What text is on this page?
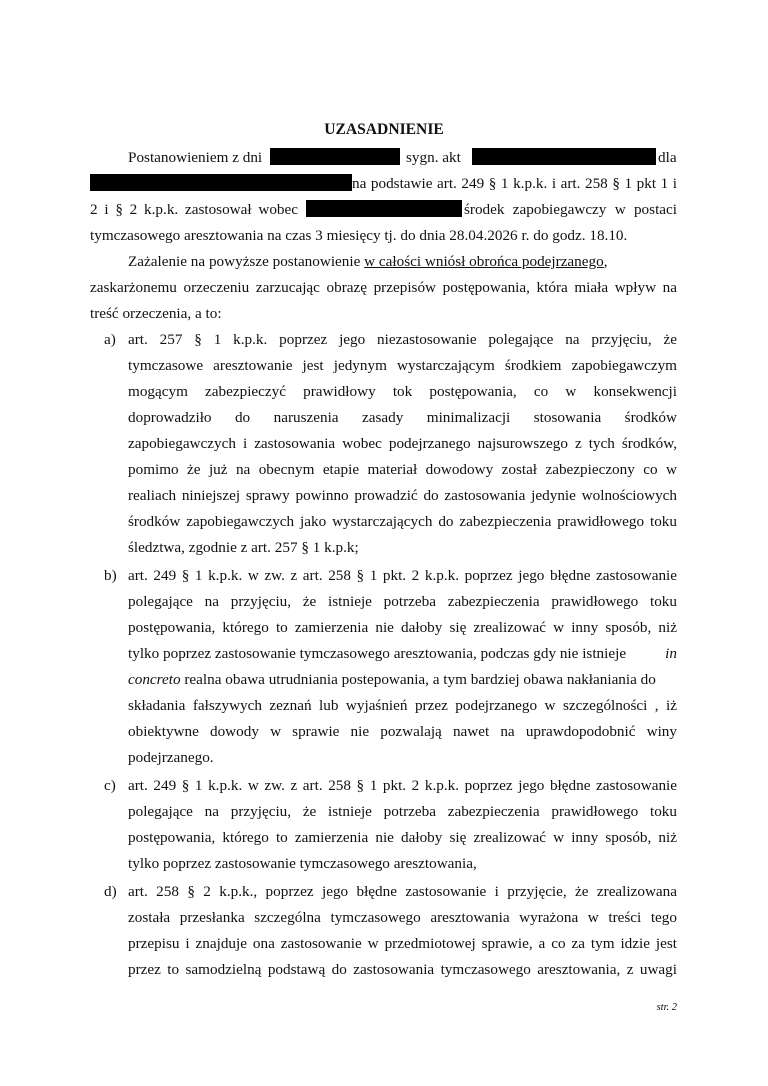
UZASADNIENIE
Postanowieniem z dni	sygn. akt	dla
na podstawie art. 249 § 1 k.p.k. i art. 258 § 1 pkt 1 i
2 i § 2 k.p.k. zastosował wobec	środek zapobiegawczy w postaci
tymczasowego aresztowania na czas 3 miesięcy tj. do dnia 28.04.2026 r. do godz. 18.10.
Zażalenie na powyższe postanowienie w całości wniósł obrońca podejrzanego,
zaskarżonemu orzeczeniu zarzucając obrazę przepisów postępowania, która miała wpływ na
treść orzeczenia, a to:
a) art. 257 § 1 k.p.k. poprzez jego niezastosowanie polegające na przyjęciu, że
tymczasowe aresztowanie jest jedynym wystarczającym środkiem zapobiegawczym
mogącym zabezpieczyć prawidłowy tok postępowania, co w konsekwencji
doprowadziło do naruszenia zasady minimalizacji stosowania środków
zapobiegawczych i zastosowania wobec podejrzanego najsurowszego z tych środków,
pomimo że już na obecnym etapie materiał dowodowy został zabezpieczony co w
realiach niniejszej sprawy powinno prowadzić do zastosowania jedynie wolnościowych
środków zapobiegawczych jako wystarczających do zabezpieczenia prawidłowego toku
śledztwa, zgodnie z art. 257 § 1 k.p.k;
b) art. 249 § 1 k.p.k. w zw. z art. 258 § 1 pkt. 2 k.p.k. poprzez jego błędne zastosowanie
polegające na przyjęciu, że istnieje potrzeba zabezpieczenia prawidłowego toku
postępowania, którego to zamierzenia nie dałoby się zrealizować w inny sposób, niż
tylko poprzez zastosowanie tymczasowego aresztowania, podczas gdy nie istnieje	in
concreto realna obawa utrudniania postepowania, a tym bardziej obawa nakłaniania do
składania fałszywych zeznań lub wyjaśnień przez podejrzanego w szczególności , iż
obiektywne dowody w sprawie nie pozwalają nawet na uprawdopodobnić winy
podejrzanego.
c) art. 249 § 1 k.p.k. w zw. z art. 258 § 1 pkt. 2 k.p.k. poprzez jego błędne zastosowanie
polegające na przyjęciu, że istnieje potrzeba zabezpieczenia prawidłowego toku
postępowania, którego to zamierzenia nie dałoby się zrealizować w inny sposób, niż
tylko poprzez zastosowanie tymczasowego aresztowania,
d) art. 258 § 2 k.p.k., poprzez jego błędne zastosowanie i przyjęcie, że zrealizowana
została przesłanka szczególna tymczasowego aresztowania wyrażona w treści tego
przepisu i znajduje ona zastosowanie w przedmiotowej sprawie, a co za tym idzie jest
przez to samodzielną podstawą do zastosowania tymczasowego aresztowania, z uwagi
str. 2
